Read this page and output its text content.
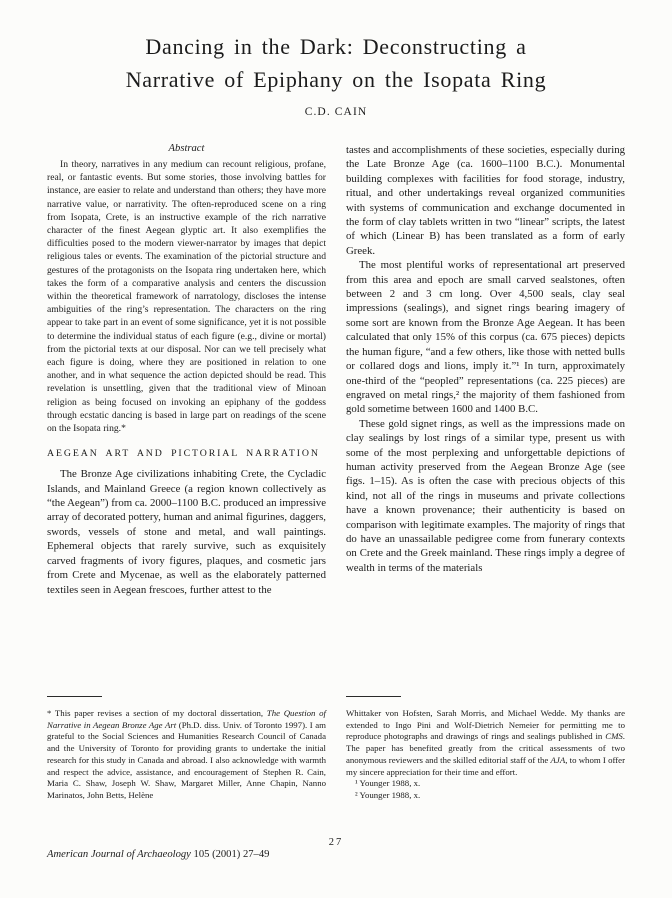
Dancing in the Dark: Deconstructing a
Narrative of Epiphany on the Isopata Ring
C.D. CAIN
Abstract

In theory, narratives in any medium can recount religious, profane, real, or fantastic events. But some stories, those involving battles for instance, are easier to relate and understand than others; they have more narrative value, or narrativity. The often-reproduced scene on a ring from Isopata, Crete, is an instructive example of the rich narrative character of the finest Aegean glyptic art. It also exemplifies the difficulties posed to the modern viewer-narrator by images that depict religious tales or events. The examination of the pictorial structure and gestures of the protagonists on the Isopata ring undertaken here, which takes the form of a comparative analysis and centers the discussion within the theoretical framework of narratology, discloses the intense ambiguities of the ring’s representation. The characters on the ring appear to take part in an event of some significance, yet it is not possible to determine the individual status of each figure (e.g., divine or mortal) from the pictorial texts at our disposal. Nor can we tell precisely what each figure is doing, where they are positioned in relation to one another, and in what sequence the action depicted should be read. This revelation is unsettling, given that the traditional view of Minoan religion as being focused on invoking an epiphany of the goddess through ecstatic dancing is based in large part on readings of the scene on the Isopata ring.*

AEGEAN ART AND PICTORIAL NARRATION

The Bronze Age civilizations inhabiting Crete, the Cycladic Islands, and Mainland Greece (a region known collectively as “the Aegean”) from ca. 2000–1100 B.C. produced an impressive array of decorated pottery, human and animal figurines, daggers, swords, vessels of stone and metal, and wall paintings. Ephemeral objects that rarely survive, such as exquisitely carved fragments of ivory figures, plaques, and cosmetic jars from Crete and Mycenae, as well as the elaborately patterned textiles seen in Aegean frescoes, further attest to the

tastes and accomplishments of these societies, especially during the Late Bronze Age (ca. 1600–1100 B.C.). Monumental building complexes with facilities for food storage, industry, ritual, and other undertakings reveal organized communities with systems of communication and exchange documented in the form of clay tablets written in two “linear” scripts, the latest of which (Linear B) has been translated as a form of early Greek.

The most plentiful works of representational art preserved from this area and epoch are small carved sealstones, often between 2 and 3 cm long. Over 4,500 seals, clay seal impressions (sealings), and signet rings bearing imagery of some sort are known from the Bronze Age Aegean. It has been calculated that only 15% of this corpus (ca. 675 pieces) depicts the human figure, “and a few others, like those with netted bulls or collared dogs and lions, imply it.”¹ In turn, approximately one-third of the “peopled” representations (ca. 225 pieces) are engraved on metal rings,² the majority of them fashioned from gold sometime between 1600 and 1400 B.C.

These gold signet rings, as well as the impressions made on clay sealings by lost rings of a similar type, present us with some of the most perplexing and unforgettable depictions of human activity preserved from the Aegean Bronze Age (see figs. 1–15). As is often the case with precious objects of this kind, not all of the rings in museums and private collections have a known provenance; their authenticity is based on comparison with legitimate examples. The majority of rings that do have an unassailable pedigree come from funerary contexts on Crete and the Greek mainland. These rings imply a degree of wealth in terms of the materials

* This paper revises a section of my doctoral dissertation, The Question of Narrative in Aegean Bronze Age Art (Ph.D. diss. Univ. of Toronto 1997). I am grateful to the Social Sciences and Humanities Research Council of Canada and the University of Toronto for providing grants to undertake the initial research for this study in Canada and abroad. I also acknowledge with warmth and respect the advice, assistance, and encouragement of Stephen R. Cain, Maria C. Shaw, Joseph W. Shaw, Margaret Miller, Anne Chapin, Nanno Marinatos, John Betts, Helène

Whittaker von Hofsten, Sarah Morris, and Michael Wedde. My thanks are extended to Ingo Pini and Wolf-Dietrich Nemeier for permitting me to reproduce photographs and drawings of rings and sealings published in CMS. The paper has benefited greatly from the critical assessments of two anonymous reviewers and the skilled editorial staff of the AJA, to whom I offer my sincere appreciation for their time and effort.

¹ Younger 1988, x.

² Younger 1988, x.

27
American Journal of Archaeology 105 (2001) 27–49
